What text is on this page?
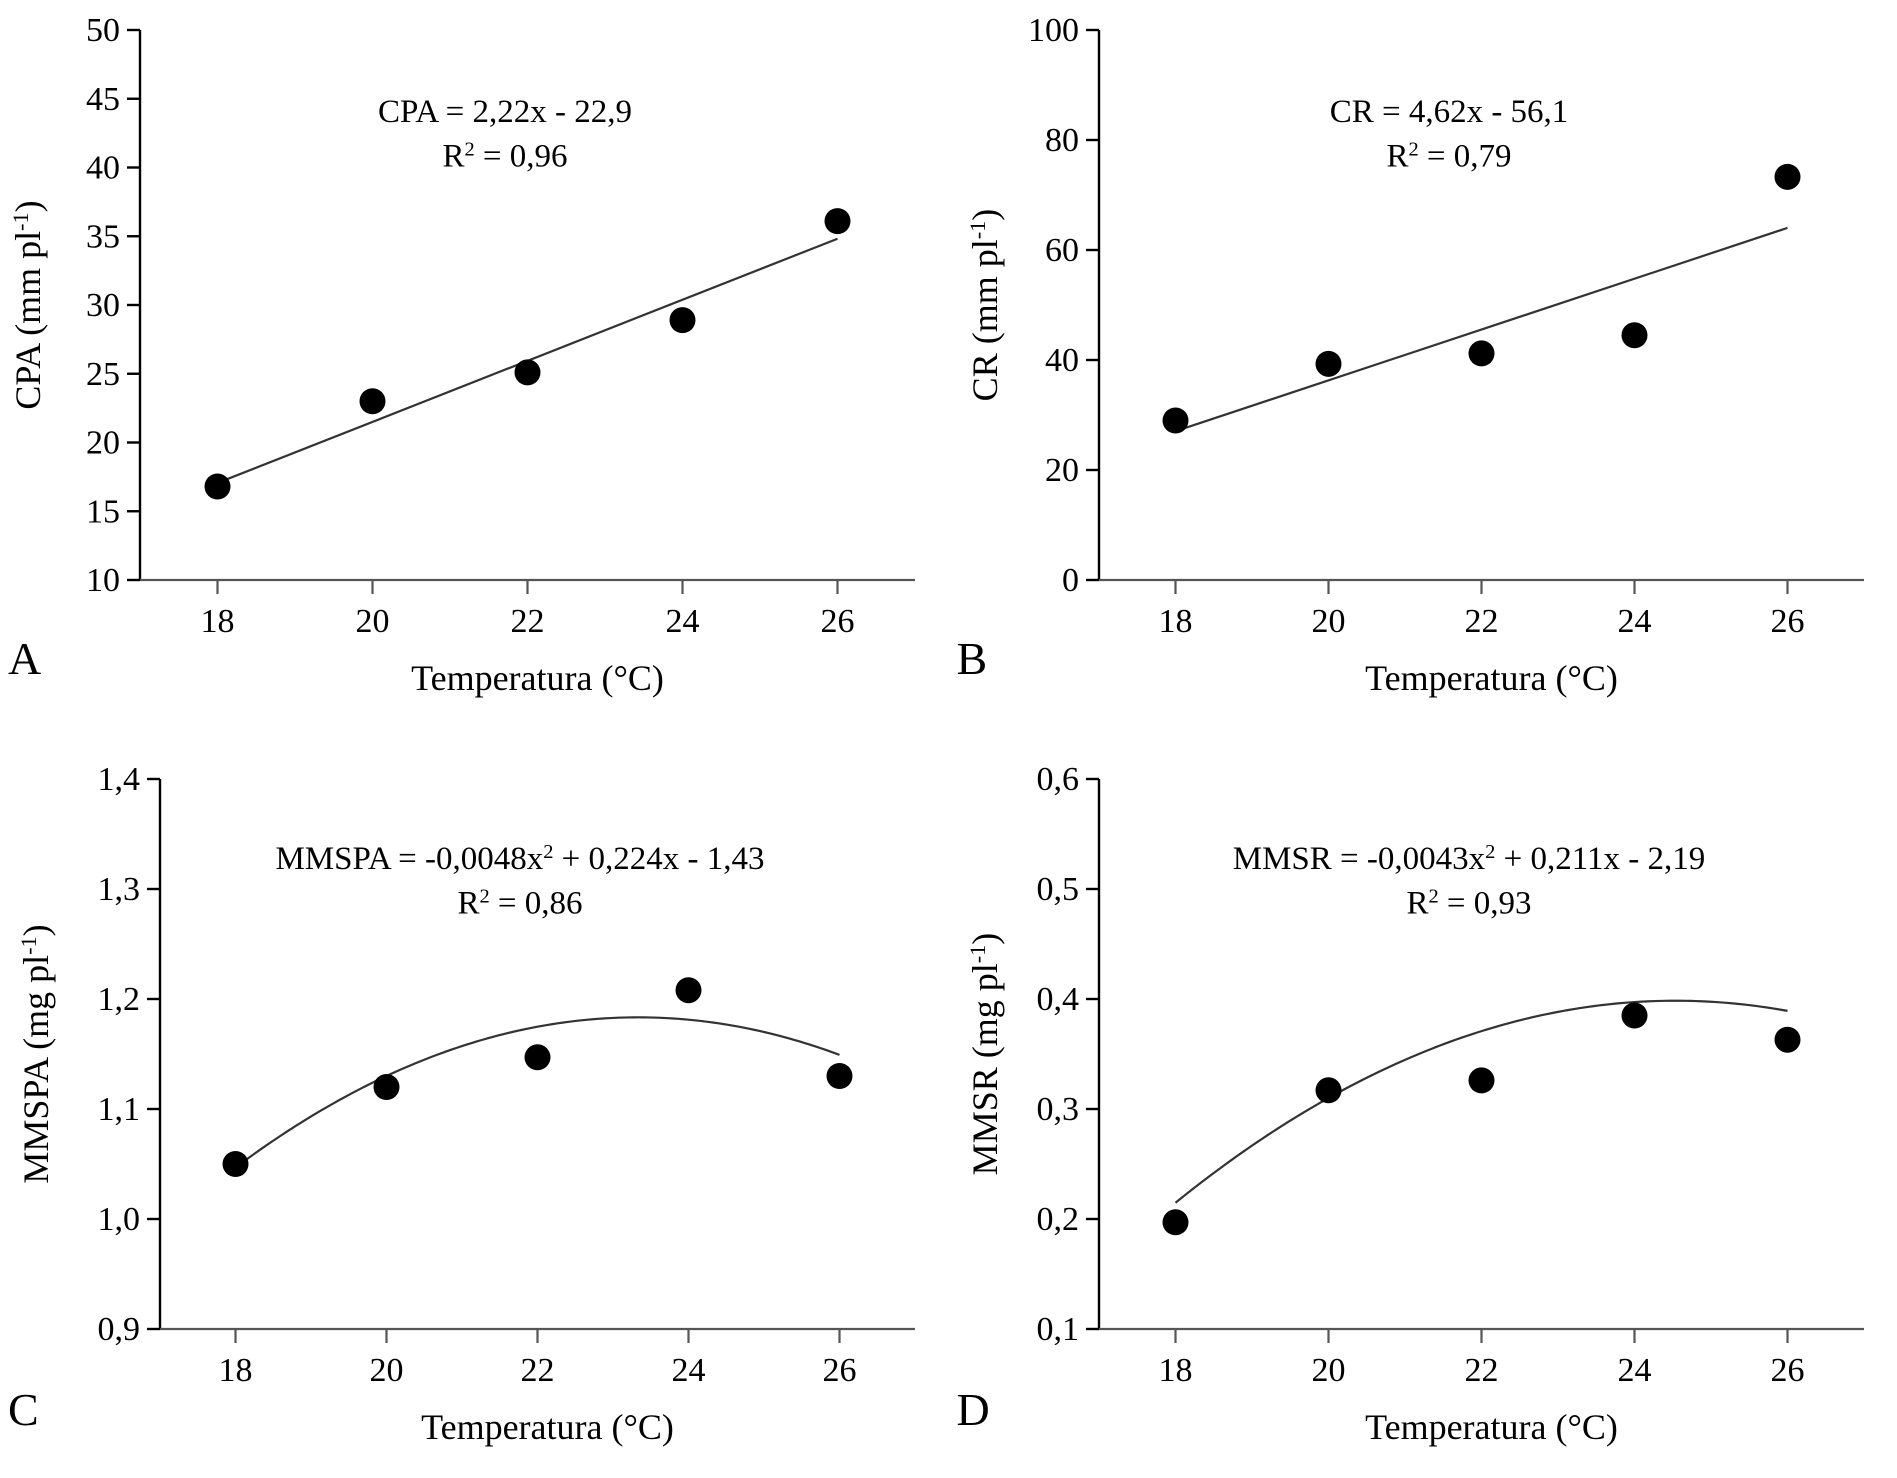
10
15
20
25
30
35
40
45
50
18	20	22	24	26
Temperatura (°C)
CPA (mm $pl^{-1}$)
CPA = 2,22x - 22,9
$R^2 = 0,96$
A
0
20
40
60
80
100
18	20	22	24	26
Temperatura (°C)
CR (mm $pl^{-1}$)
CR = 4,62x - 56,1
$R^2 = 0,79$
B
0,9
1,0
1,1
1,2
1,3
1,4
18	20	22	24	26
Temperatura (°C)
MMSPA (mg $pl^{-1}$)
MMSPA = $-0,0048x^2 + 0,224x - 1,43$
$R^2 = 0,86$
C
0,1
0,2
0,3
0,4
0,5
0,6
18	20	22	24	26
Temperatura (°C)
MMSR (mg $pl^{-1}$)
MMSR = $-0,0043x^2 + 0,211x - 2,19$
$R^2 = 0,93$
D
